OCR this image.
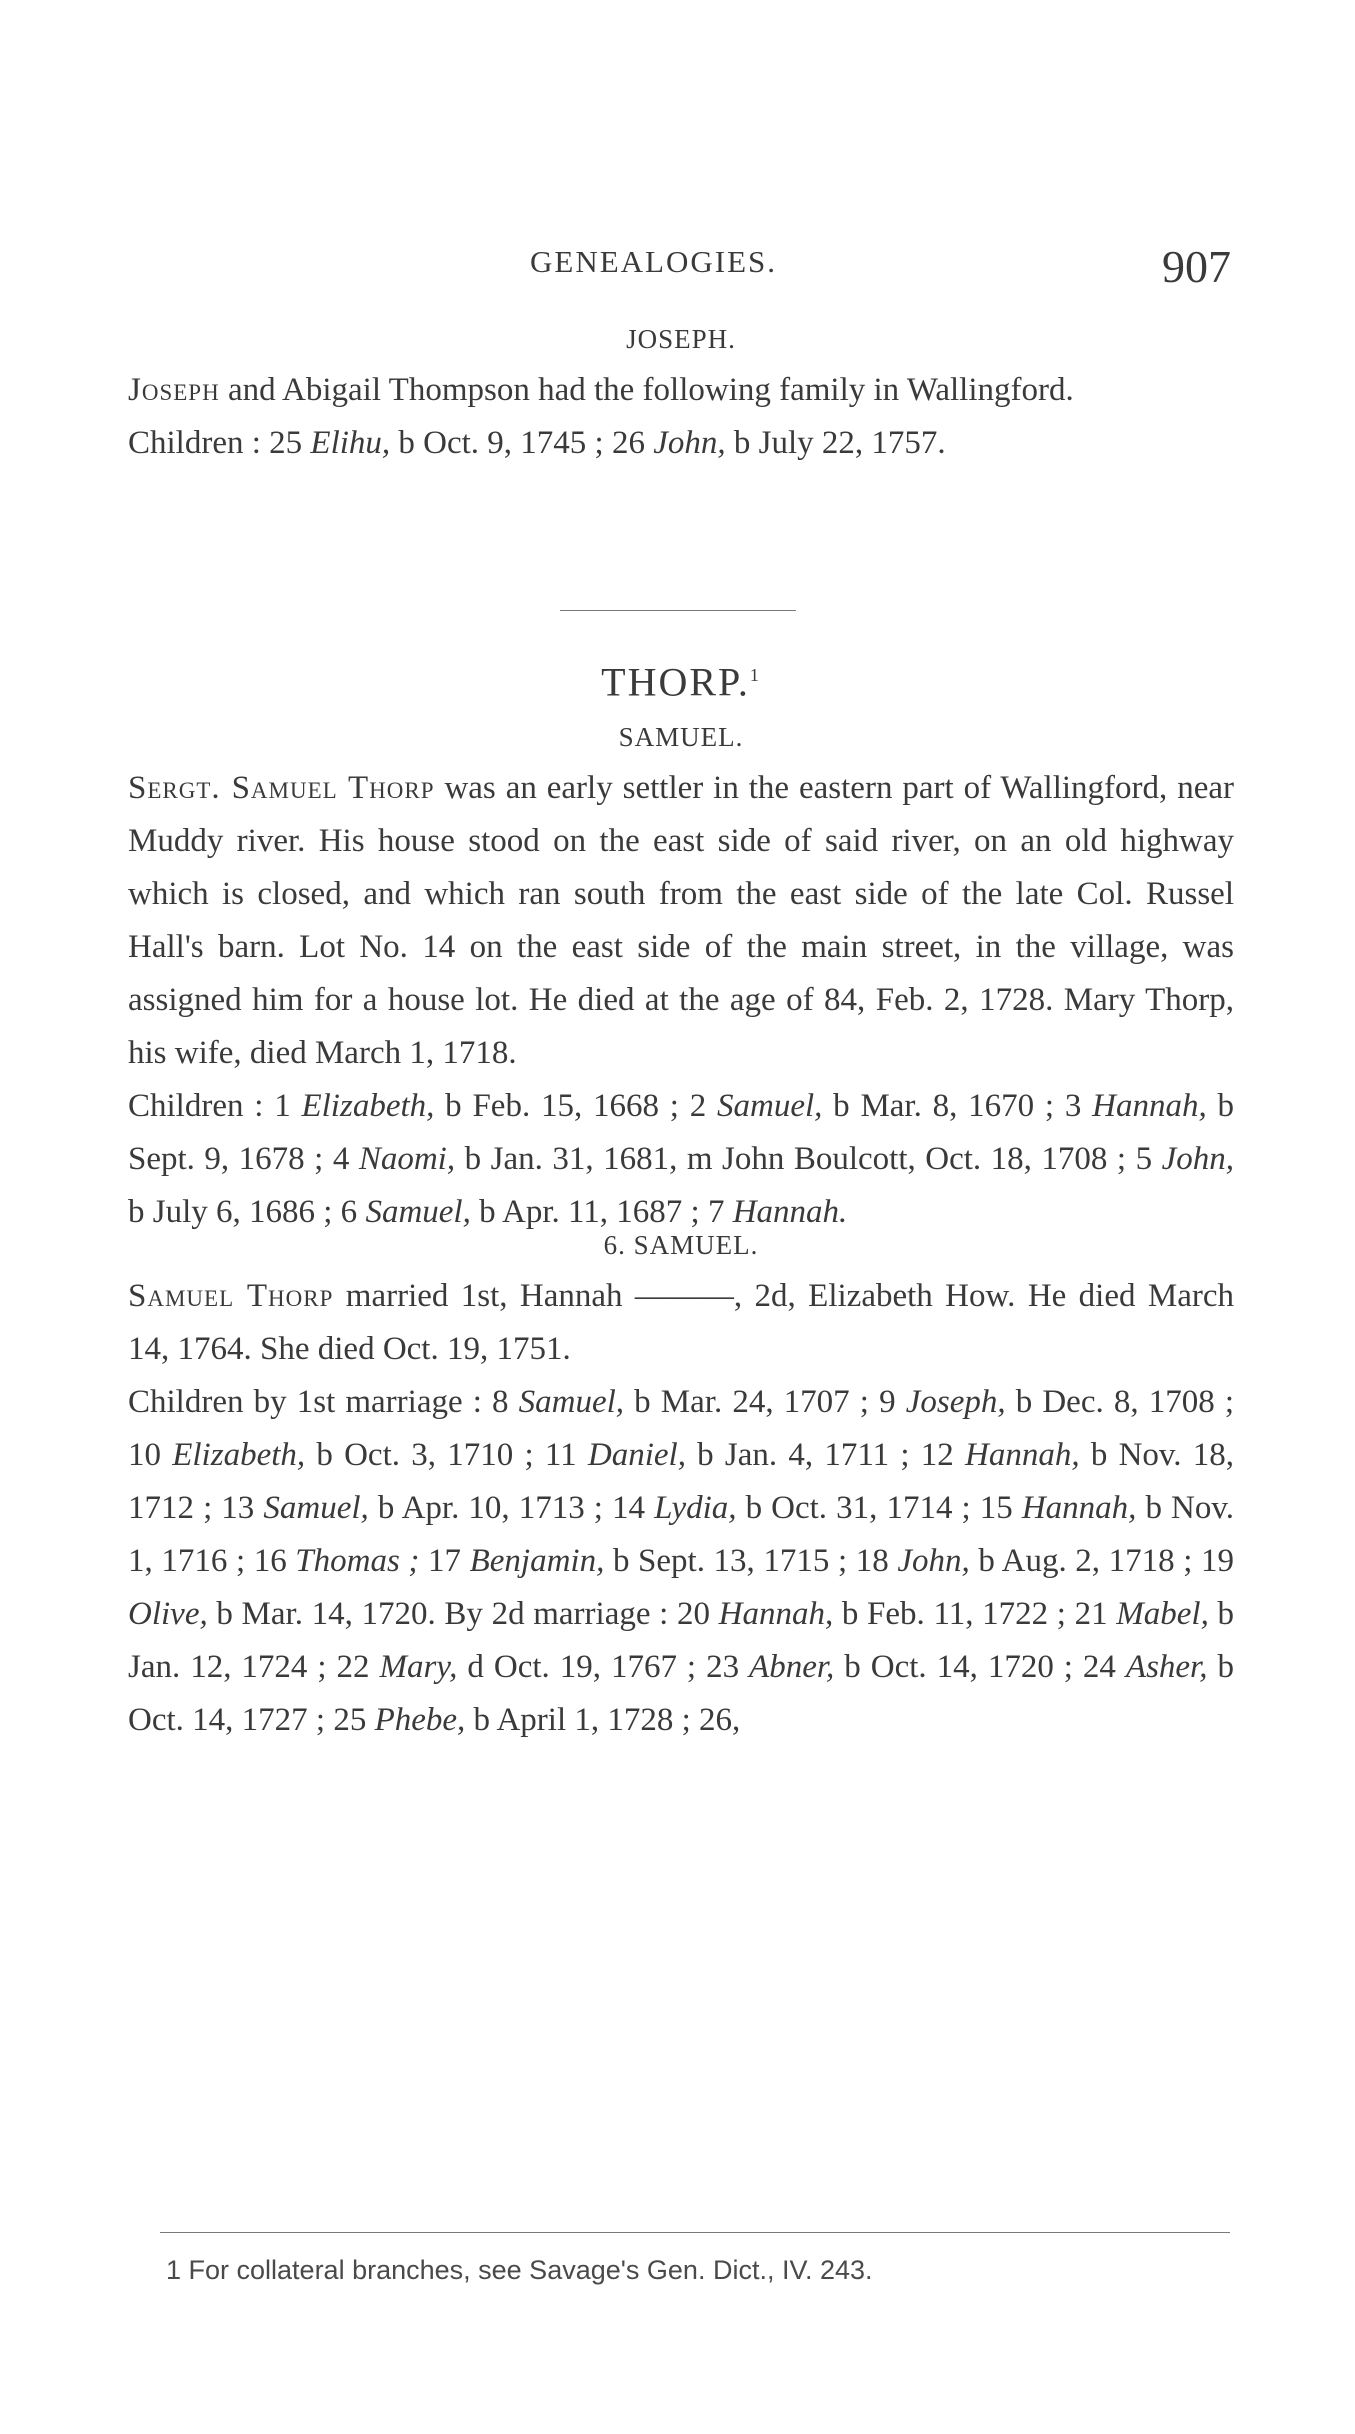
GENEALOGIES.	907
JOSEPH.

Joseph and Abigail Thompson had the following family in Wallingford.

Children : 25 Elihu, b Oct. 9, 1745 ; 26 John, b July 22, 1757.

THORP.$^1$
SAMUEL.

Sergt. Samuel Thorp was an early settler in the eastern part of Wallingford, near Muddy river. His house stood on the east side of said river, on an old highway which is closed, and which ran south from the east side of the late Col. Russel Hall's barn. Lot No. 14 on the east side of the main street, in the village, was assigned him for a house lot. He died at the age of 84, Feb. 2, 1728. Mary Thorp, his wife, died March 1, 1718.

Children : 1 Elizabeth, b Feb. 15, 1668 ; 2 Samuel, b Mar. 8, 1670 ; 3 Hannah, b Sept. 9, 1678 ; 4 Naomi, b Jan. 31, 1681, m John Boulcott, Oct. 18, 1708 ; 5 John, b July 6, 1686 ; 6 Samuel, b Apr. 11, 1687 ; 7 Hannah.

6. SAMUEL.

Samuel Thorp married 1st, Hannah ———, 2d, Elizabeth How. He died March 14, 1764. She died Oct. 19, 1751.

Children by 1st marriage : 8 Samuel, b Mar. 24, 1707 ; 9 Joseph, b Dec. 8, 1708 ; 10 Elizabeth, b Oct. 3, 1710 ; 11 Daniel, b Jan. 4, 1711 ; 12 Hannah, b Nov. 18, 1712 ; 13 Samuel, b Apr. 10, 1713 ; 14 Lydia, b Oct. 31, 1714 ; 15 Hannah, b Nov. 1, 1716 ; 16 Thomas ; 17 Benjamin, b Sept. 13, 1715 ; 18 John, b Aug. 2, 1718 ; 19 Olive, b Mar. 14, 1720. By 2d marriage : 20 Hannah, b Feb. 11, 1722 ; 21 Mabel, b Jan. 12, 1724 ; 22 Mary, d Oct. 19, 1767 ; 23 Abner, b Oct. 14, 1720 ; 24 Asher, b Oct. 14, 1727 ; 25 Phebe, b April 1, 1728 ; 26,

1 For collateral branches, see Savage's Gen. Dict., IV. 243.
